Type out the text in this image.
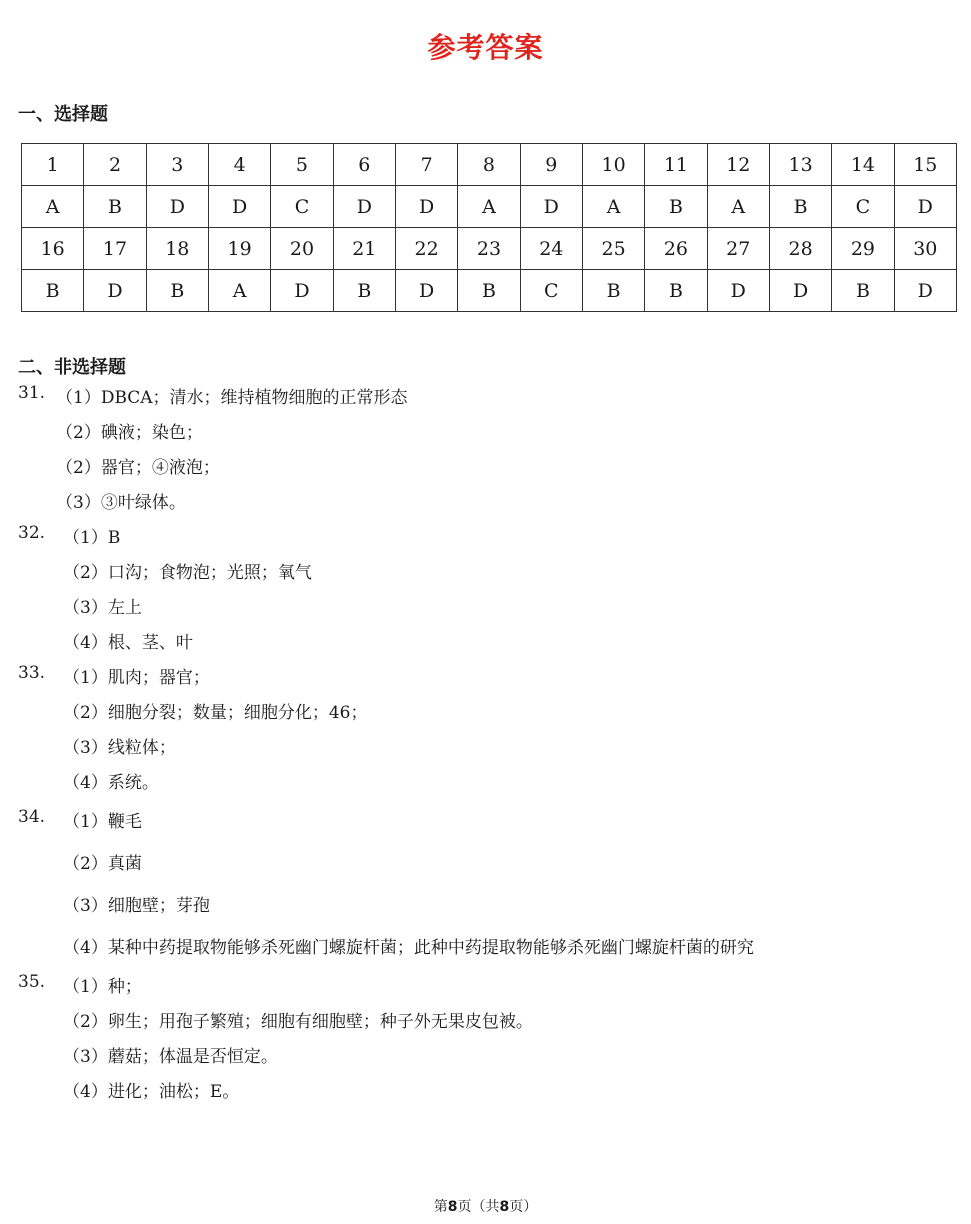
参考答案
一、选择题
1	2	3	4	5	6	7	8	9	10	11	12	13	14	15
A	B	D	D	C	D	D	A	D	A	B	A	B	C	D
16	17	18	19	20	21	22	23	24	25	26	27	28	29	30
B	D	B	A	D	B	D	B	C	B	B	D	D	B	D
二、非选择题
31. （1）DBCA；清水；维持植物细胞的正常形态
（2）碘液；染色；
（2）器官；④液泡；
（3）③叶绿体。
32. （1）B
（2）口沟；食物泡；光照；氧气
（3）左上
（4）根、茎、叶
33. （1）肌肉；器官；
（2）细胞分裂；数量；细胞分化；46；
（3）线粒体；
（4）系统。
34. （1）鞭毛
（2）真菌
（3）细胞壁；芽孢
（4）某种中药提取物能够杀死幽门螺旋杆菌；此种中药提取物能够杀死幽门螺旋杆菌的研究
35. （1）种；
（2）卵生；用孢子繁殖；细胞有细胞壁；种子外无果皮包被。
（3）蘑菇；体温是否恒定。
（4）进化；油松；E。
第8页（共8页）
